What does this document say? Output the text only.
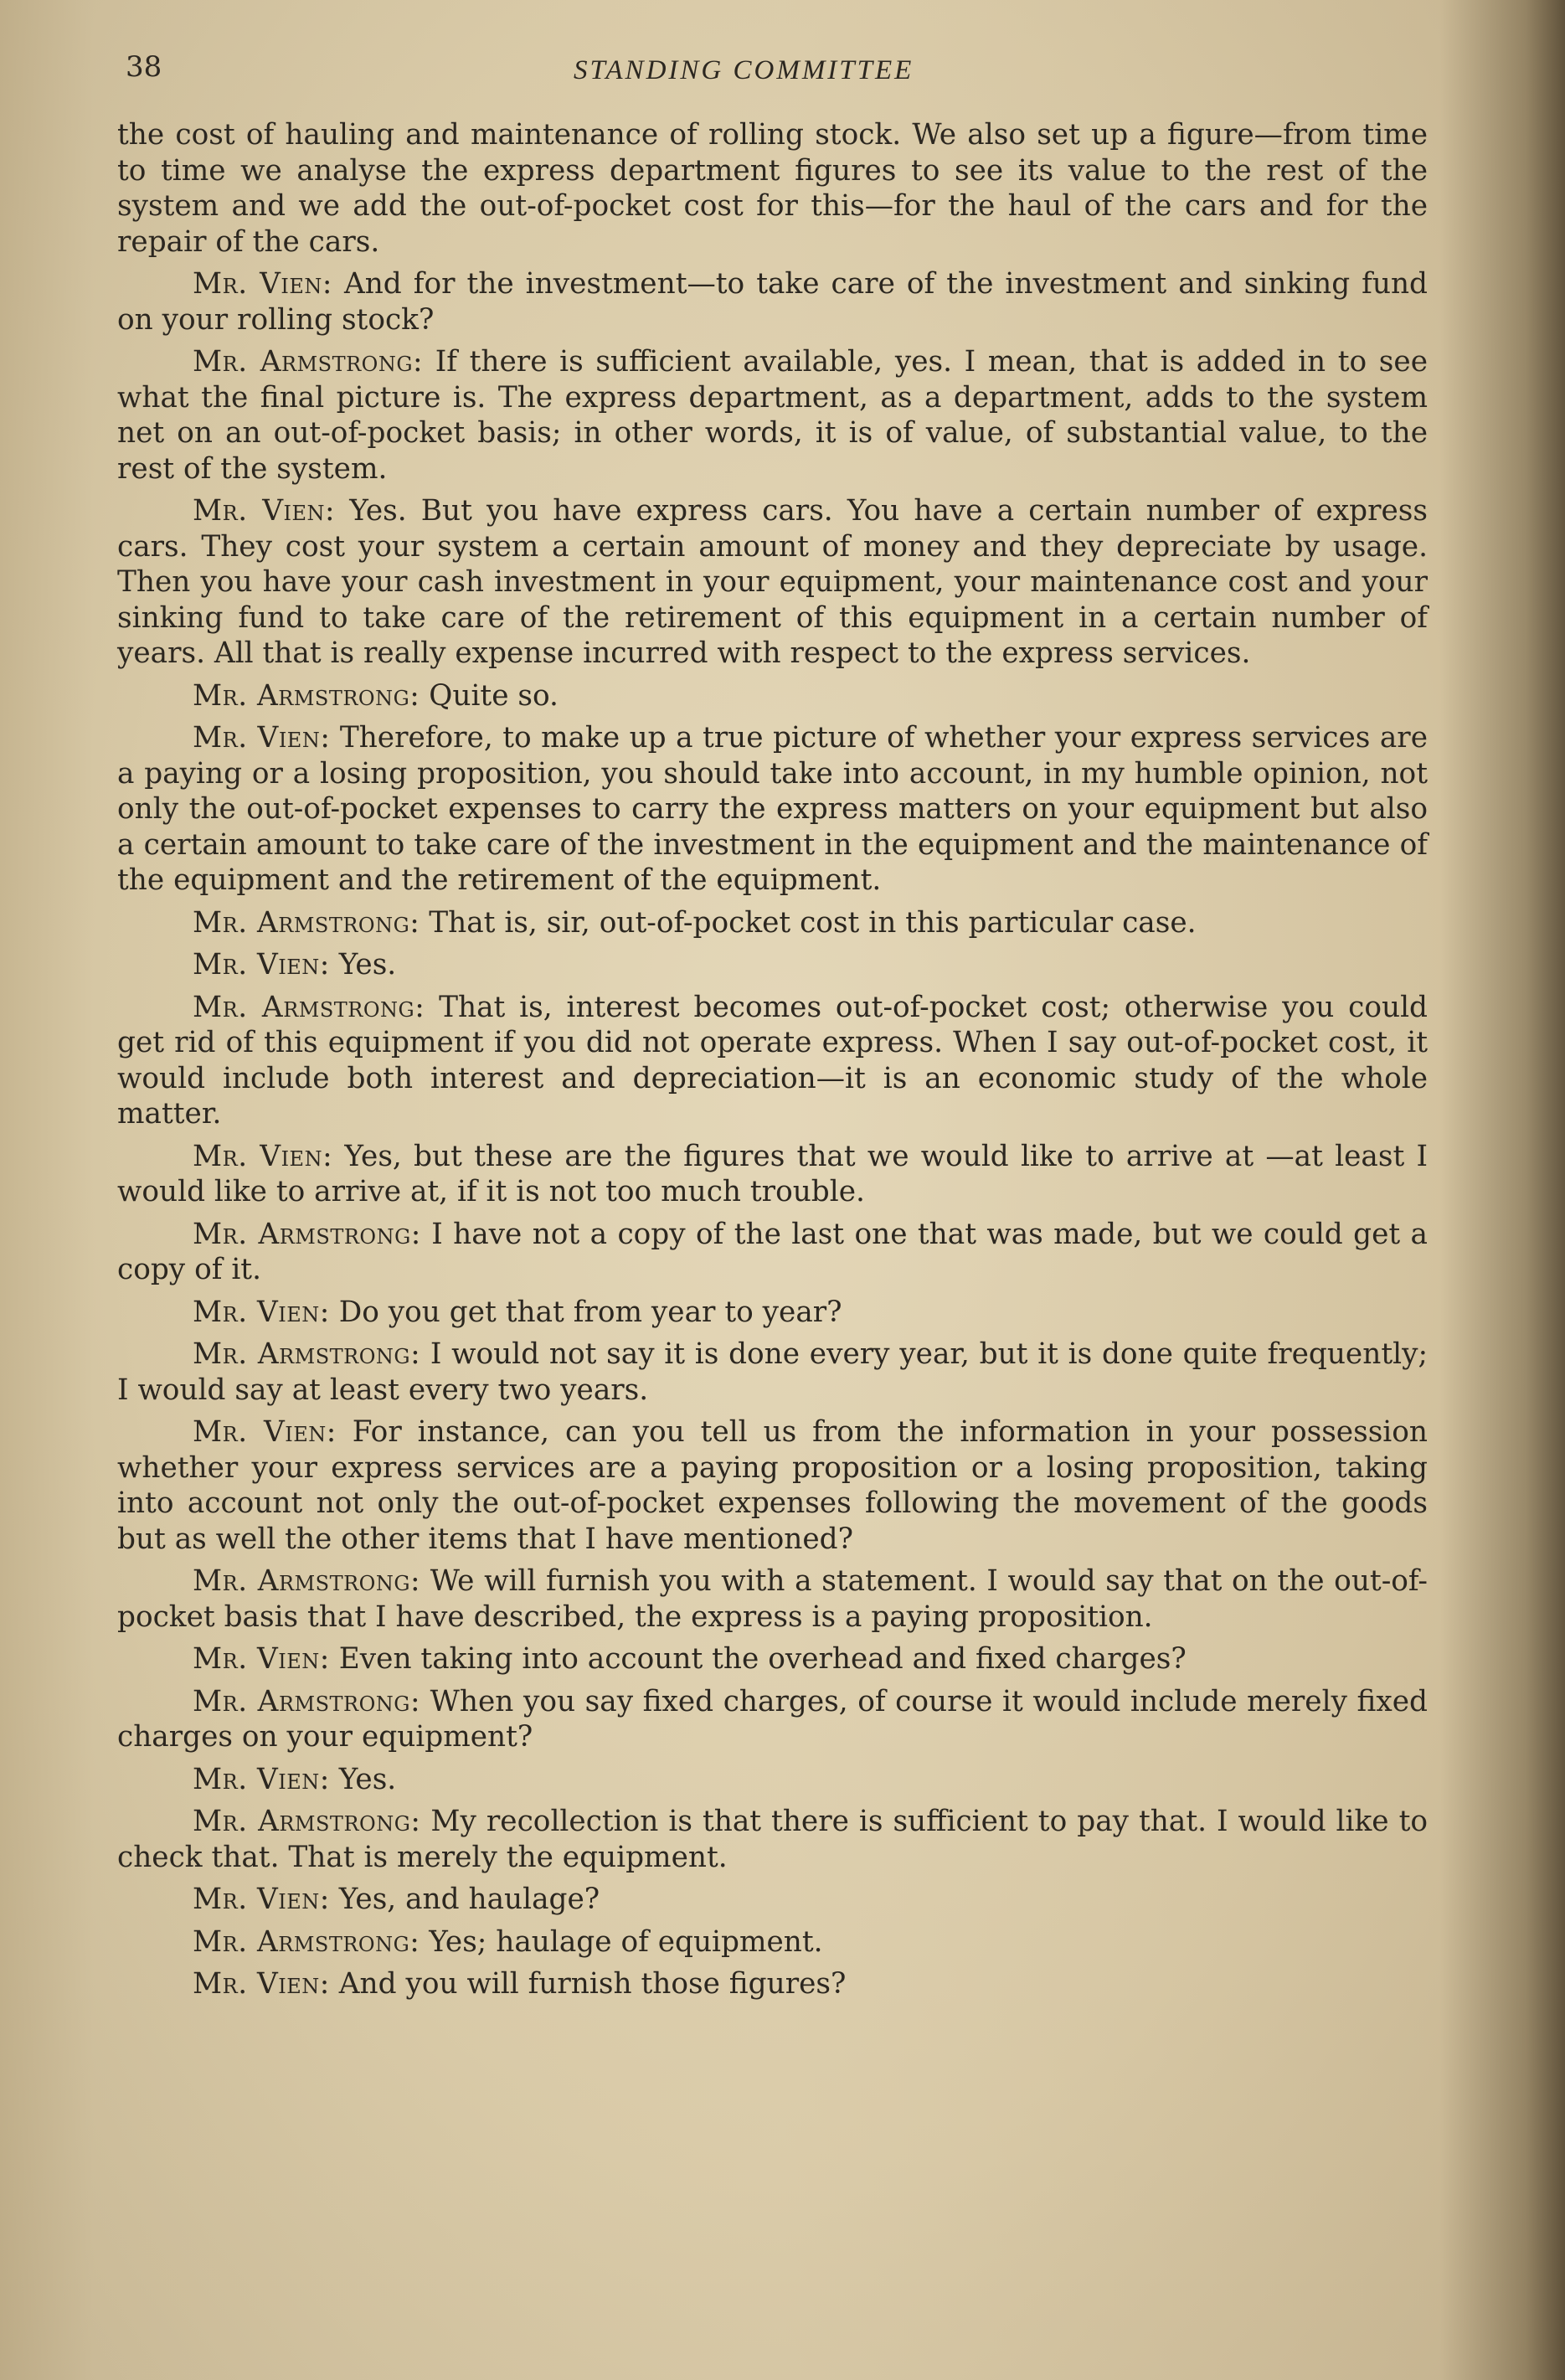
38	STANDING COMMITTEE

the cost of hauling and maintenance of rolling stock. We also set up a figure—from time to time we analyse the express department figures to see its value to the rest of the system and we add the out-of-pocket cost for this—for the haul of the cars and for the repair of the cars.

Mr. Vien: And for the investment—to take care of the investment and sinking fund on your rolling stock?

Mr. Armstrong: If there is sufficient available, yes. I mean, that is added in to see what the final picture is. The express department, as a department, adds to the system net on an out-of-pocket basis; in other words, it is of value, of substantial value, to the rest of the system.

Mr. Vien: Yes. But you have express cars. You have a certain number of express cars. They cost your system a certain amount of money and they depreciate by usage. Then you have your cash investment in your equipment, your maintenance cost and your sinking fund to take care of the retirement of this equipment in a certain number of years. All that is really expense incurred with respect to the express services.

Mr. Armstrong: Quite so.

Mr. Vien: Therefore, to make up a true picture of whether your express services are a paying or a losing proposition, you should take into account, in my humble opinion, not only the out-of-pocket expenses to carry the express matters on your equipment but also a certain amount to take care of the investment in the equipment and the maintenance of the equipment and the retirement of the equipment.

Mr. Armstrong: That is, sir, out-of-pocket cost in this particular case.

Mr. Vien: Yes.

Mr. Armstrong: That is, interest becomes out-of-pocket cost; otherwise you could get rid of this equipment if you did not operate express. When I say out-of-pocket cost, it would include both interest and depreciation—it is an economic study of the whole matter.

Mr. Vien: Yes, but these are the figures that we would like to arrive at —at least I would like to arrive at, if it is not too much trouble.

Mr. Armstrong: I have not a copy of the last one that was made, but we could get a copy of it.

Mr. Vien: Do you get that from year to year?

Mr. Armstrong: I would not say it is done every year, but it is done quite frequently; I would say at least every two years.

Mr. Vien: For instance, can you tell us from the information in your possession whether your express services are a paying proposition or a losing proposition, taking into account not only the out-of-pocket expenses following the movement of the goods but as well the other items that I have mentioned?

Mr. Armstrong: We will furnish you with a statement. I would say that on the out-of-pocket basis that I have described, the express is a paying proposition.

Mr. Vien: Even taking into account the overhead and fixed charges?

Mr. Armstrong: When you say fixed charges, of course it would include merely fixed charges on your equipment?

Mr. Vien: Yes.

Mr. Armstrong: My recollection is that there is sufficient to pay that. I would like to check that. That is merely the equipment.

Mr. Vien: Yes, and haulage?

Mr. Armstrong: Yes; haulage of equipment.

Mr. Vien: And you will furnish those figures?
